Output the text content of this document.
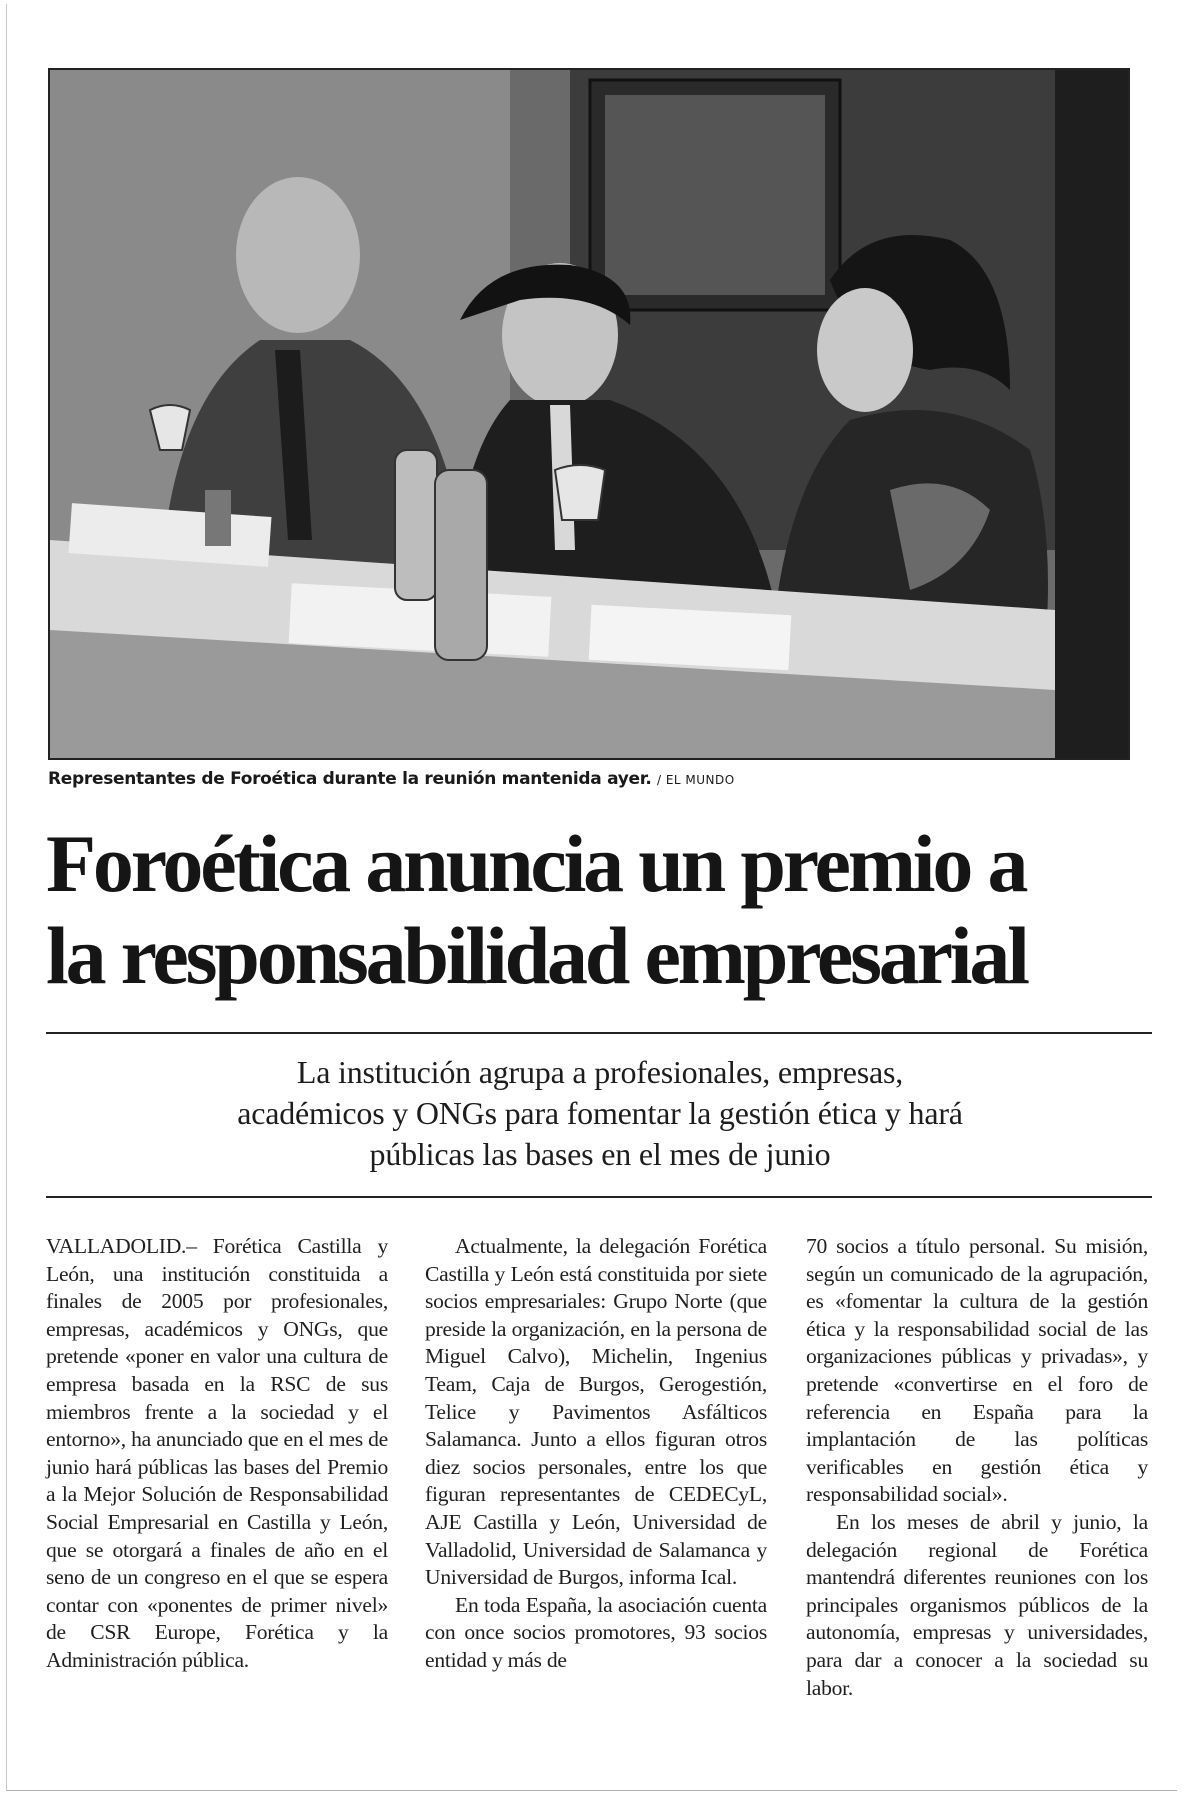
Representantes de Foroética durante la reunión mantenida ayer. / EL MUNDO
Foroética anuncia un premio a
la responsabilidad empresarial
La institución agrupa a profesionales, empresas,
académicos y ONGs para fomentar la gestión ética y hará
públicas las bases en el mes de junio

VALLADOLID.– Forética Castilla y León, una institución constituida a finales de 2005 por profesionales, empresas, académicos y ONGs, que pretende «poner en valor una cultura de empresa basada en la RSC de sus miembros frente a la sociedad y el entorno», ha anunciado que en el mes de junio hará públicas las bases del Premio a la Mejor Solución de Responsabilidad Social Empresarial en Castilla y León, que se otorgará a finales de año en el seno de un congreso en el que se espera contar con «ponentes de primer nivel» de CSR Europe, Forética y la Administración pública.

Actualmente, la delegación Forética Castilla y León está constituida por siete socios empresariales: Grupo Norte (que preside la organización, en la persona de Miguel Calvo), Michelin, Ingenius Team, Caja de Burgos, Gerogestión, Telice y Pavimentos Asfálticos Salamanca. Junto a ellos figuran otros diez socios personales, entre los que figuran representantes de CEDECyL, AJE Castilla y León, Universidad de Valladolid, Universidad de Salamanca y Universidad de Burgos, informa Ical.

En toda España, la asociación cuenta con once socios promotores, 93 socios entidad y más de

70 socios a título personal. Su misión, según un comunicado de la agrupación, es «fomentar la cultura de la gestión ética y la responsabilidad social de las organizaciones públicas y privadas», y pretende «convertirse en el foro de referencia en España para la implantación de las políticas verificables en gestión ética y responsabilidad social».

En los meses de abril y junio, la delegación regional de Forética mantendrá diferentes reuniones con los principales organismos públicos de la autonomía, empresas y universidades, para dar a conocer a la sociedad su labor.
